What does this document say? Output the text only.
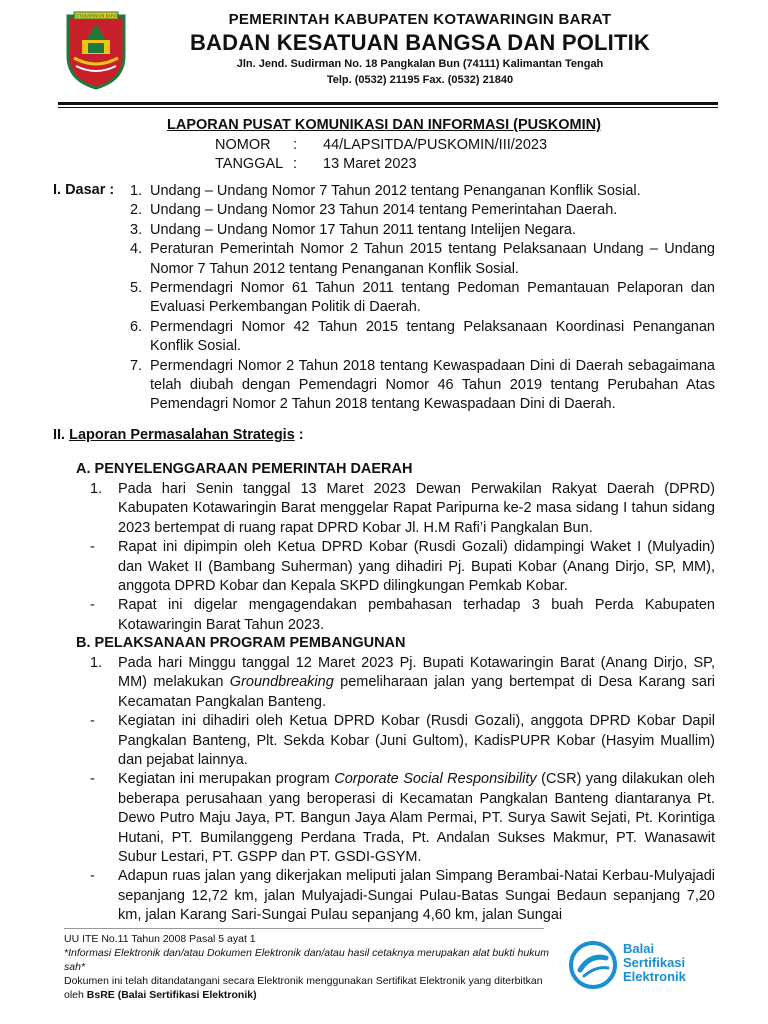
KOTAWARINGIN BARAT	PEMERINTAH KABUPATEN KOTAWARINGIN BARAT
BADAN KESATUAN BANGSA DAN POLITIK
Jln. Jend. Sudirman No. 18 Pangkalan Bun (74111) Kalimantan Tengah
Telp. (0532) 21195 Fax. (0532) 21840
LAPORAN PUSAT KOMUNIKASI DAN INFORMASI (PUSKOMIN)
NOMOR : 44/LAPSITDA/PUSKOMIN/III/2023
TANGGAL : 13 Maret 2023
I. Dasar : 1. Undang – Undang Nomor 7 Tahun 2012 tentang Penanganan Konflik Sosial.
2. Undang – Undang Nomor 23 Tahun 2014 tentang Pemerintahan Daerah.
3. Undang – Undang Nomor 17 Tahun 2011 tentang Intelijen Negara.
4. Peraturan Pemerintah Nomor 2 Tahun 2015 tentang Pelaksanaan Undang – Undang Nomor 7 Tahun 2012 tentang Penanganan Konflik Sosial.
5. Permendagri Nomor 61 Tahun 2011 tentang Pedoman Pemantauan Pelaporan dan Evaluasi Perkembangan Politik di Daerah.
6. Permendagri Nomor 42 Tahun 2015 tentang Pelaksanaan Koordinasi Penanganan Konflik Sosial.
7. Permendagri Nomor 2 Tahun 2018 tentang Kewaspadaan Dini di Daerah sebagaimana telah diubah dengan Pemendagri Nomor 46 Tahun 2019 tentang Perubahan Atas Pemendagri Nomor 2 Tahun 2018 tentang Kewaspadaan Dini di Daerah.
II. Laporan Permasalahan Strategis :
A. PENYELENGGARAAN PEMERINTAH DAERAH
1.	Pada hari Senin tanggal 13 Maret 2023 Dewan Perwakilan Rakyat Daerah (DPRD) Kabupaten Kotawaringin Barat menggelar Rapat Paripurna ke-2 masa sidang I tahun sidang 2023 bertempat di ruang rapat DPRD Kobar Jl. H.M Rafi’i Pangkalan Bun.
-	Rapat ini dipimpin oleh Ketua DPRD Kobar (Rusdi Gozali) didampingi Waket I (Mulyadin) dan Waket II (Bambang Suherman) yang dihadiri Pj. Bupati Kobar (Anang Dirjo, SP, MM), anggota DPRD Kobar dan Kepala SKPD dilingkungan Pemkab Kobar.
-	Rapat ini digelar mengagendakan pembahasan terhadap 3 buah Perda Kabupaten Kotawaringin Barat Tahun 2023.
B. PELAKSANAAN PROGRAM PEMBANGUNAN
1.	Pada hari Minggu tanggal 12 Maret 2023 Pj. Bupati Kotawaringin Barat (Anang Dirjo, SP, MM) melakukan Groundbreaking pemeliharaan jalan yang bertempat di Desa Karang sari Kecamatan Pangkalan Banteng.
-	Kegiatan ini dihadiri oleh Ketua DPRD Kobar (Rusdi Gozali), anggota DPRD Kobar Dapil Pangkalan Banteng, Plt. Sekda Kobar (Juni Gultom), KadisPUPR Kobar (Hasyim Muallim) dan pejabat lainnya.
-	Kegiatan ini merupakan program Corporate Social Responsibility (CSR) yang dilakukan oleh beberapa perusahaan yang beroperasi di Kecamatan Pangkalan Banteng diantaranya Pt. Dewo Putro Maju Jaya, PT. Bangun Jaya Alam Permai, PT. Surya Sawit Sejati, Pt. Korintiga Hutani, PT. Bumilanggeng Perdana Trada, Pt. Andalan Sukses Makmur, PT. Wanasawit Subur Lestari, PT. GSPP dan PT. GSDI-GSYM.
-	Adapun ruas jalan yang dikerjakan meliputi jalan Simpang Berambai-Natai Kerbau-Mulyajadi sepanjang 12,72 km, jalan Mulyajadi-Sungai Pulau-Batas Sungai Bedaun sepanjang 7,20 km, jalan Karang Sari-Sungai Pulau sepanjang 4,60 km, jalan Sungai
UU ITE No.11 Tahun 2008 Pasal 5 ayat 1
*Informasi Elektronik dan/atau Dokumen Elektronik dan/atau hasil cetaknya merupakan alat bukti hukum sah*
Dokumen ini telah ditandatangani secara Elektronik menggunakan Sertifikat Elektronik yang diterbitkan oleh BsRE (Balai Sertifikasi Elektronik)
Balai
Sertifikasi
Elektronik
